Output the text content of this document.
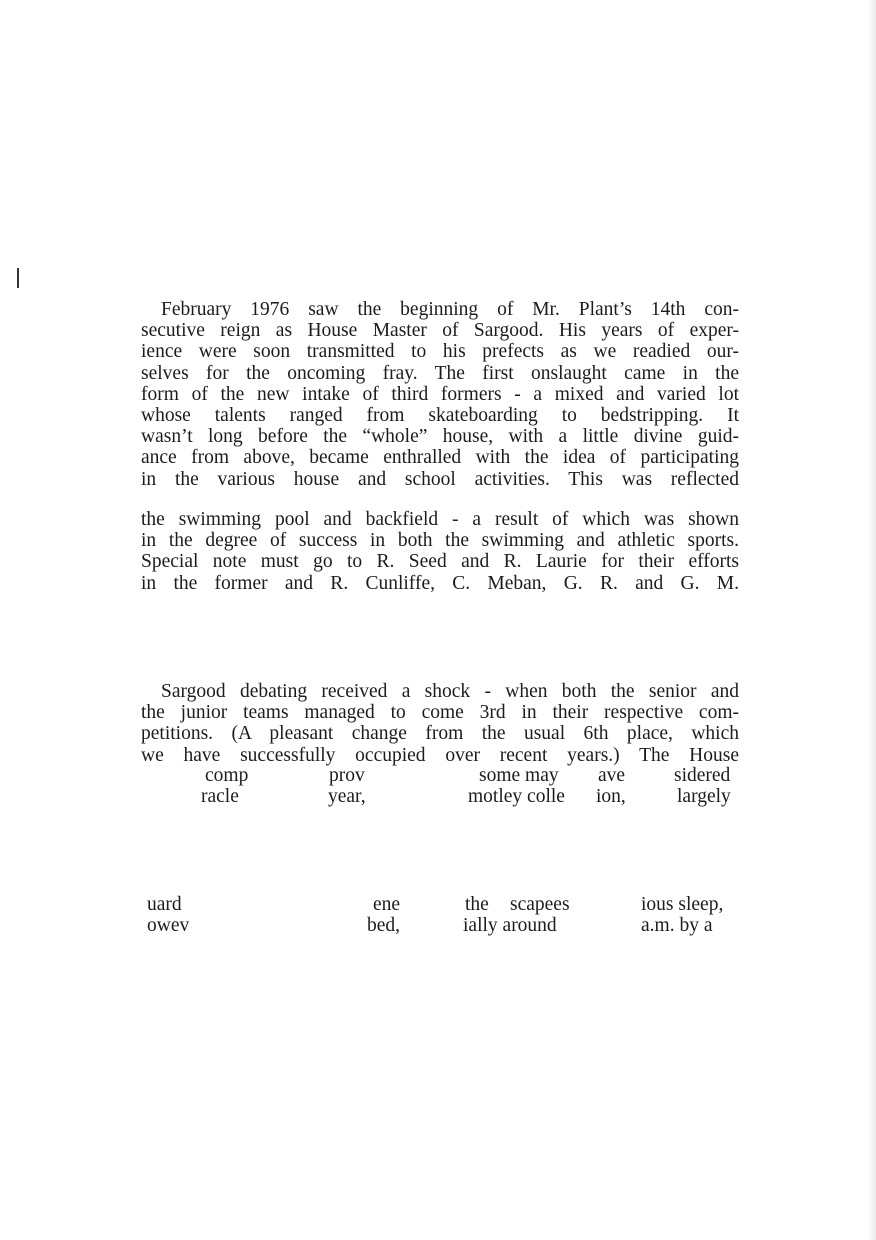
February 1976 saw the beginning of Mr. Plant’s 14th con-
secutive reign as House Master of Sargood. His years of exper-
ience were soon transmitted to his prefects as we readied our-
selves for the oncoming fray. The first onslaught came in the
form of the new intake of third formers - a mixed and varied lot
whose talents ranged from skateboarding to bedstripping. It
wasn’t long before the “whole” house, with a little divine guid-
ance from above, became enthralled with the idea of participating
in the various house and school activities. This was reflected
the swimming pool and backfield - a result of which was shown
in the degree of success in both the swimming and athletic sports.
Special note must go to R. Seed and R. Laurie for their efforts
in the former and R. Cunliffe, C. Meban, G. R. and G. M.
Sargood debating received a shock - when both the senior and
the junior teams managed to come 3rd in their respective com-
petitions. (A pleasant change from the usual 6th place, which
we have successfully occupied over recent years.) The House
comp	prov	some may ave	sidered
racle	year,	motley colle ion,	largely
uard	ene	the scapees	ious sleep,
owev	bed,	ially around	a.m. by a
